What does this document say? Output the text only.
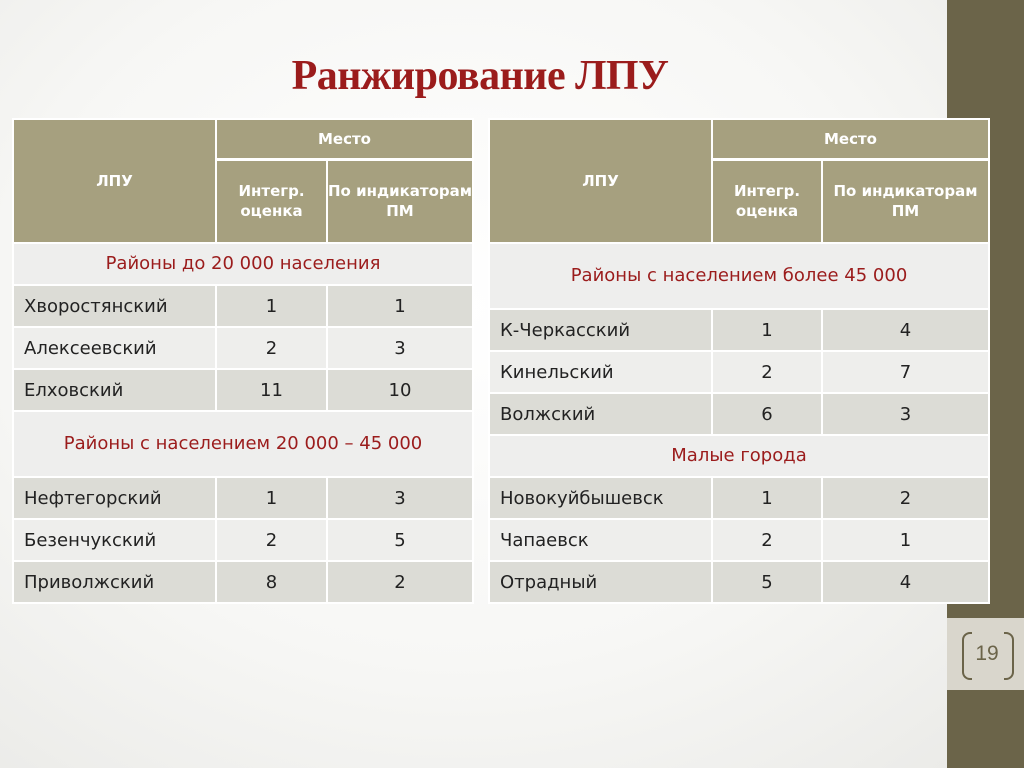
19
Ранжирование ЛПУ
ЛПУ	Место	
	Интегр. оценка	По индикаторам ПМ
Районы до 20 000 населения		
Хворостянский	1	1
Алексеевский	2	3
Елховский	11	10
Районы с населением 20 000 – 45 000		
Нефтегорский	1	3
Безенчукский	2	5
Приволжский	8	2
ЛПУ	Место	
	Интегр. оценка	По индикаторам ПМ
Районы с населением более 45 000		
К-Черкасский	1	4
Кинельский	2	7
Волжский	6	3
Малые города		
Новокуйбышевск	1	2
Чапаевск	2	1
Отрадный	5	4
